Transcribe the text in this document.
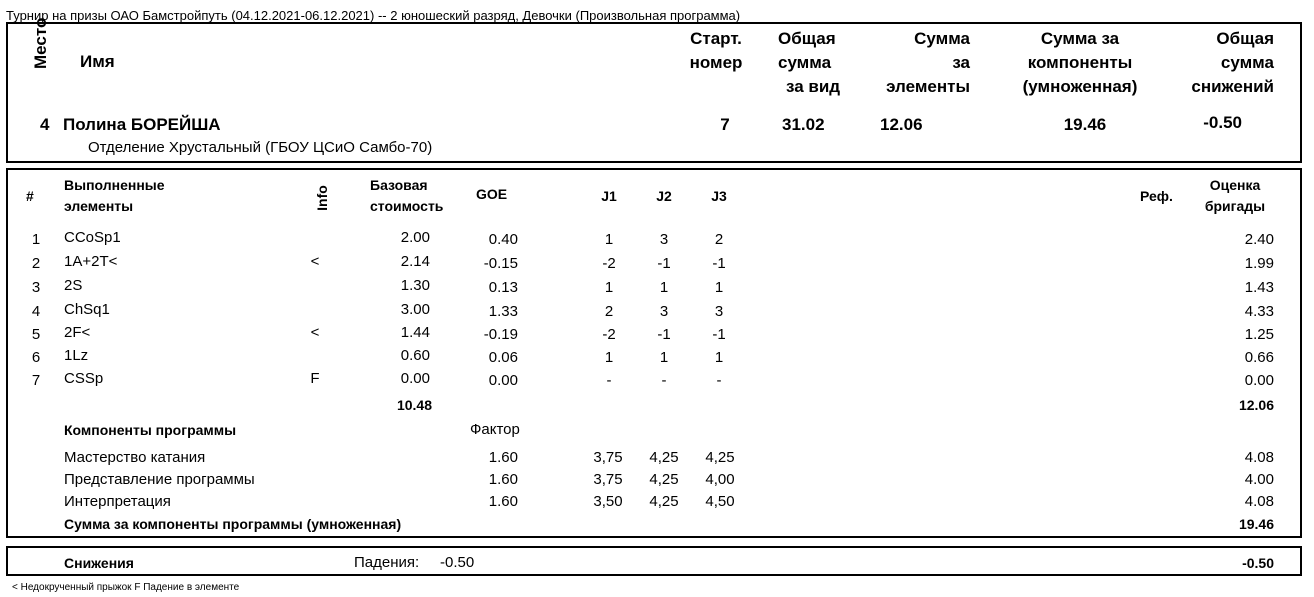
Турнир на призы ОАО Бамстройпуть (04.12.2021-06.12.2021) -- 2 юношеский разряд, Девочки (Произвольная программа)
Место	Имя
Старт.
номер
Общая
сумма
за вид
Сумма
за
элементы
Сумма за
компоненты
(умноженная)
Общая
сумма
снижений
4 Полина БОРЕЙША
Отделение Хрустальный (ГБОУ ЦСиО Самбо-70)
7	31.02	12.06	19.46	-0.50
#
Выполненные
элементы	Info
Базовая
стоимость
GOE	J1	J2	J3	Реф.
Оценка
бригады
1	CCoSp1	2.00	0.40	1	3	2	2.40
2	1A+2T<	<	2.14	-0.15	-2	-1	-1	1.99
3	2S	1.30	0.13	1	1	1	1.43
4	ChSq1	3.00	1.33	2	3	3	4.33
5	2F<	<	1.44	-0.19	-2	-1	-1	1.25
6	1Lz	0.60	0.06	1	1	1	0.66
7	CSSp	F	0.00	0.00	-	-	-	0.00
10.48	12.06
Компоненты программы	Фактор
Мастерство катания	1.60	3,75	4,25	4,25	4.08
Представление программы	1.60	3,75	4,25	4,00	4.00
Интерпретация	1.60	3,50	4,25	4,50	4.08
Сумма за компоненты программы (умноженная)	19.46
Снижения	Падения: -0.50	-0.50
< Недокрученный прыжок F Падение в элементе
